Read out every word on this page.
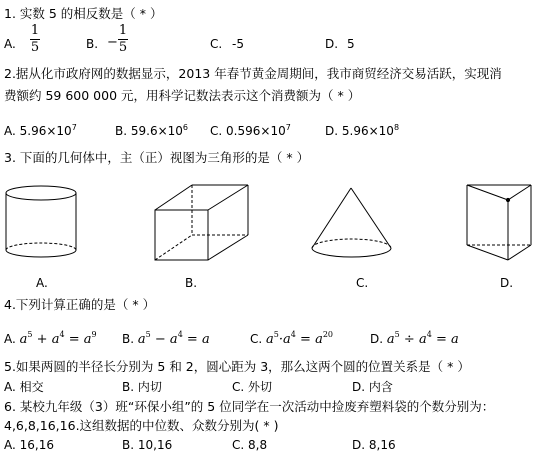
1. 实数 5 的相反数是（ * ）
A.
1
5	B. −
1
5	C. -5	D. 5
2.据从化市政府网的数据显示，2013 年春节黄金周期间，我市商贸经济交易活跃，实现消
费额约 59 600 000 元，用科学记数法表示这个消费额为（ * ）
A. $5.96\times 10^7$	B. $59.6\times 10^6$ C. $0.596\times 10^7$	D. $5.96\times 10^8$
3. 下面的几何体中，主（正）视图为三角形的是（ * ）
A.	B.	C.	D.
4.下列计算正确的是（ * ）
A. $a^5 + a^4 = a^9$ B. $a^5 - a^4 = a$	C. $a^5\cdot a^4 = a^{20}$	D. $a^5 \div a^4 = a$
5.如果两圆的半径长分别为 5 和 2，圆心距为 3，那么这两个圆的位置关系是（ * ）
A. 相交	B. 内切	C. 外切	D. 内含
6. 某校九年级（3）班“环保小组”的 5 位同学在一次活动中捡废弃塑料袋的个数分别为：
4,6,8,16,16.这组数据的中位数、众数分别为( * )
A. 16,16	B. 10,16	C. 8,8	D. 8,16
